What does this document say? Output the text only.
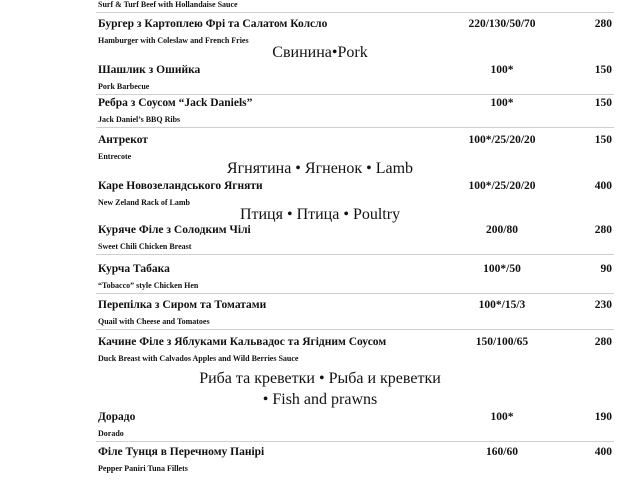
Surf & Turf Beef with Hollandaise Sauce
Бургер з Картоплею Фрі та Салатом Колсло	220/130/50/70	280
Hamburger with Coleslaw and French Fries
Свинина•Pork
Шашлик з Ошийка	100*	150
Pork Barbecue
Ребра з Соусом “Jack Daniels”	100*	150
Jack Daniel’s BBQ Ribs
Антрекот	100*/25/20/20	150
Entrecote
Ягнятина • Ягненок • Lamb
Каре Новозеландського Ягняти	100*/25/20/20	400
New Zeland Rack of Lamb
Птиця • Птица • Poultry
Куряче Філе з Солодким Чілі	200/80	280
Sweet Chili Chicken Breast
Курча Табака	100*/50	90
“Tobacco” style Chicken Hen
Перепілка з Сиром та Томатами	100*/15/3	230
Quail with Cheese and Tomatoes
Качине Філе з Яблуками Кальвадос та Ягідним Соусом	150/100/65	280
Duck Breast with Calvados Apples and Wild Berries Sauce
Риба та креветки • Рыба и креветки
• Fish and prawns
Дорадо	100*	190
Dorado
Філе Тунця в Перечному Панірі	160/60	400
Pepper Paniri Tuna Fillets
